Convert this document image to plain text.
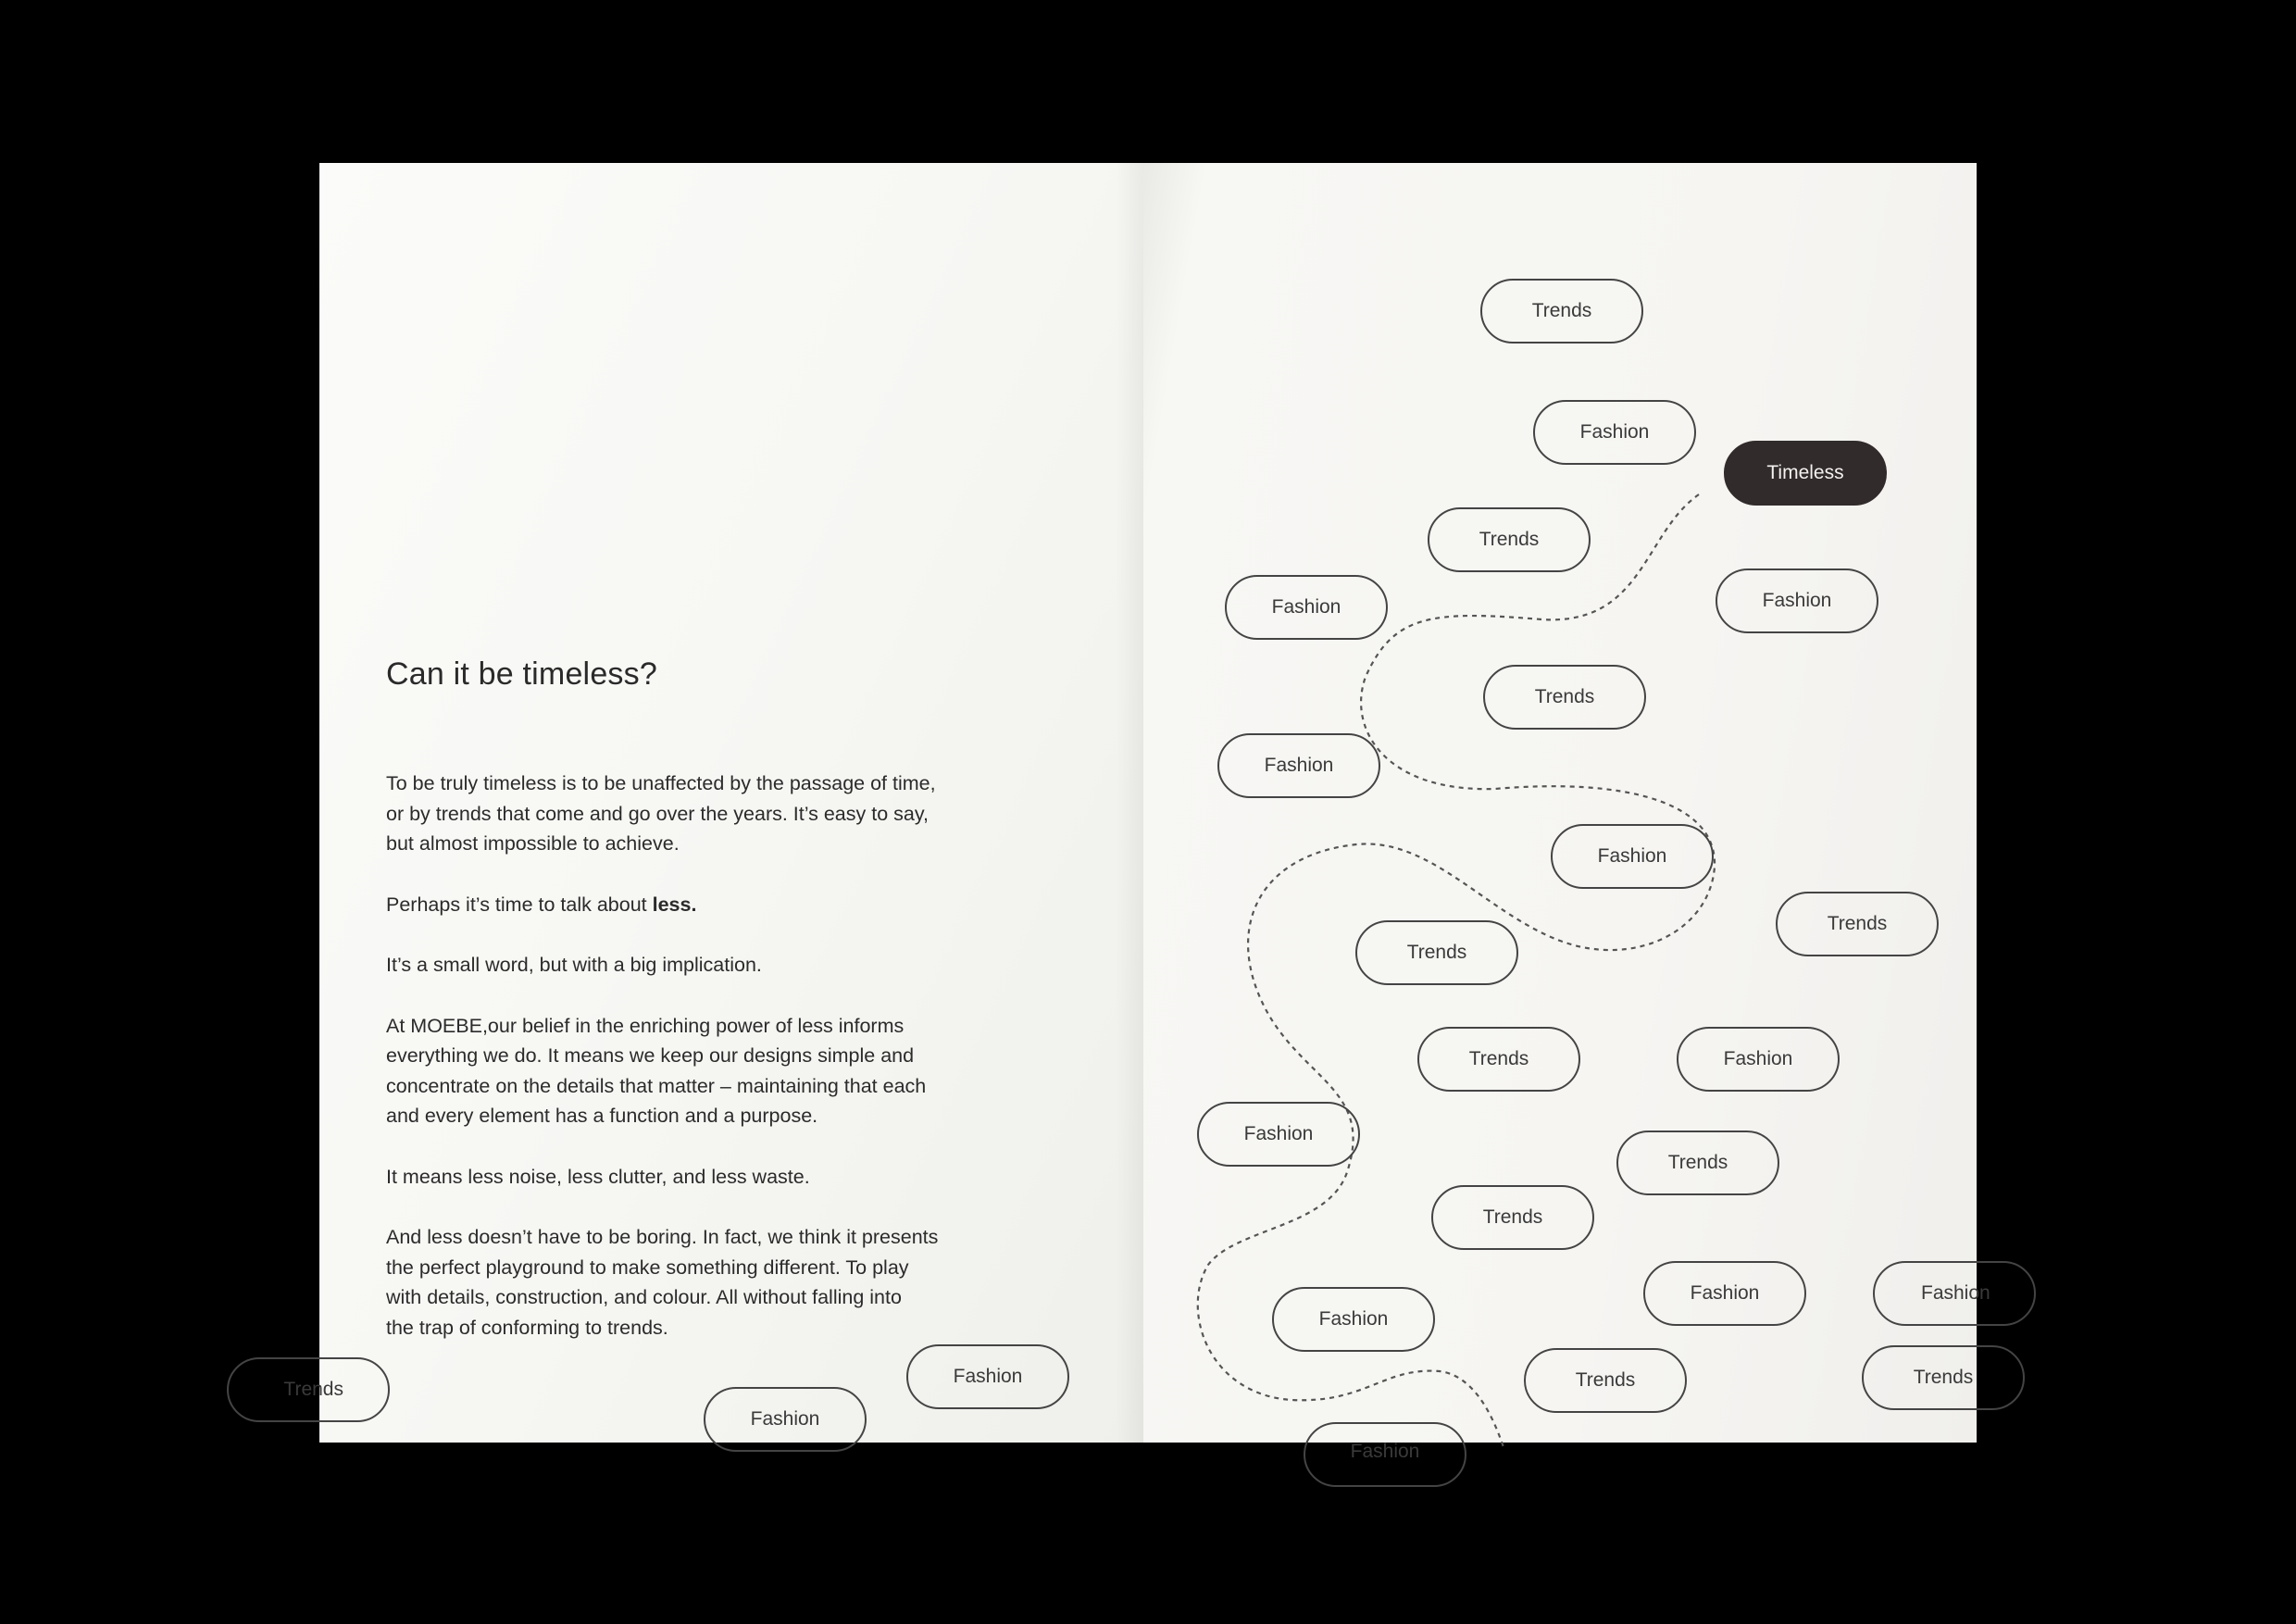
Can it be timeless?

To be truly timeless is to be unaffected by the passage of time,
or by trends that come and go over the years. It’s easy to say,
but almost impossible to achieve.

Perhaps it’s time to talk about less.

It’s a small word, but with a big implication.

At MOEBE,our belief in the enriching power of less informs
everything we do. It means we keep our designs simple and
concentrate on the details that matter – maintaining that each
and every element has a function and a purpose.

It means less noise, less clutter, and less waste.

And less doesn’t have to be boring. In fact, we think it presents
the perfect playground to make something different. To play
with details, construction, and colour. All without falling into
the trap of conforming to trends.

Trends
Fashion
Fashion
Trends
Fashion
Timeless
Trends
Fashion
Fashion
Trends
Fashion
Fashion
Trends
Trends
Trends	Fashion
Fashion
Trends
Trends
Fashion	Fashion
Fashion
Trends
Trends
Fashion
